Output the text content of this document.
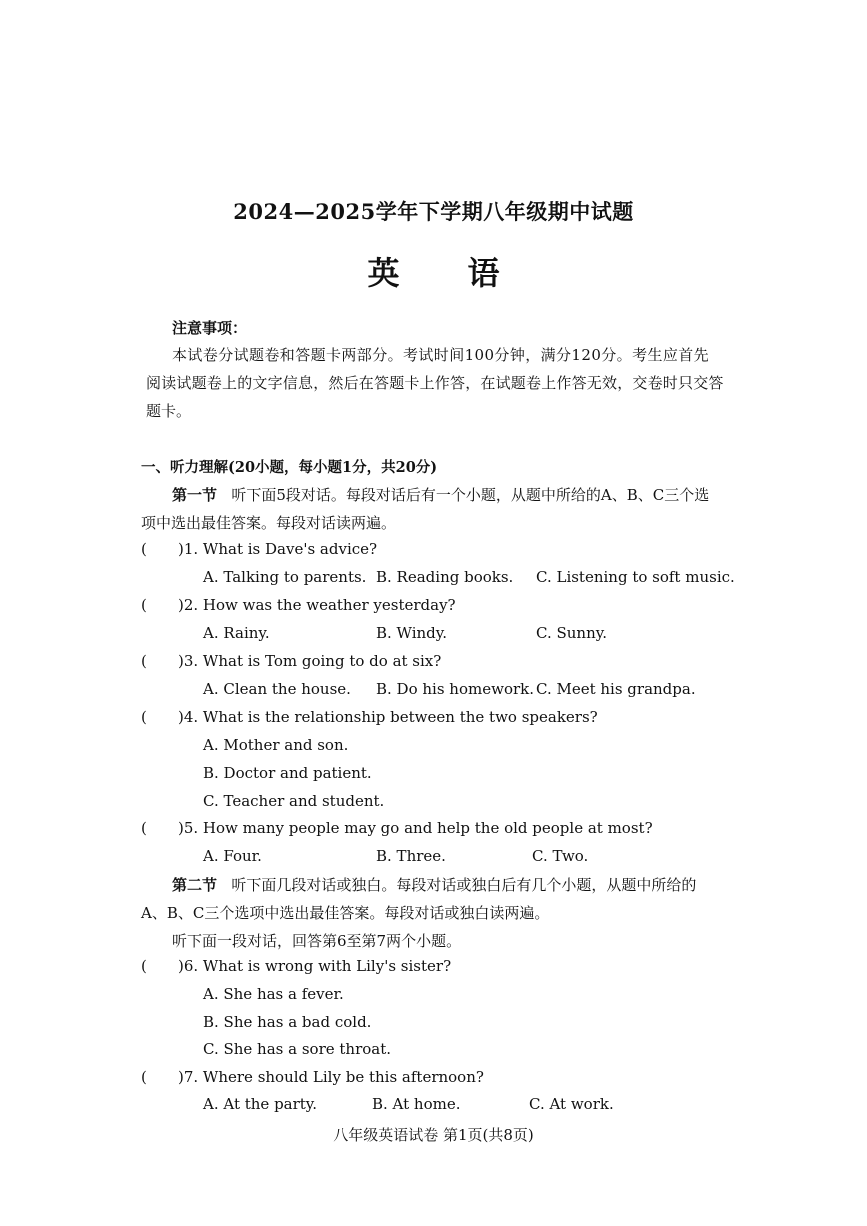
2024—2025学年下学期八年级期中试题
英 语
注意事项：
本试卷分试题卷和答题卡两部分。考试时间100分钟，满分120分。考生应首先
阅读试题卷上的文字信息，然后在答题卡上作答，在试题卷上作答无效，交卷时只交答
题卡。
一、听力理解(20小题，每小题1分，共20分)
第一节 听下面5段对话。每段对话后有一个小题，从题中所给的A、B、C三个选
项中选出最佳答案。每段对话读两遍。
( )1. What is Dave's advice?
A. Talking to parents. B. Reading books. C. Listening to soft music.
( )2. How was the weather yesterday?
A. Rainy.	B. Windy.	C. Sunny.
( )3. What is Tom going to do at six?
A. Clean the house. B. Do his homework. C. Meet his grandpa.
( )4. What is the relationship between the two speakers?
A. Mother and son.
B. Doctor and patient.
C. Teacher and student.
( )5. How many people may go and help the old people at most?
A. Four.	B. Three.	C. Two.
第二节 听下面几段对话或独白。每段对话或独白后有几个小题，从题中所给的
A、B、C三个选项中选出最佳答案。每段对话或独白读两遍。
听下面一段对话，回答第6至第7两个小题。
( )6. What is wrong with Lily's sister?
A. She has a fever.
B. She has a bad cold.
C. She has a sore throat.
( )7. Where should Lily be this afternoon?
A. At the party.	B. At home.	C. At work.
八年级英语试卷 第1页(共8页)
